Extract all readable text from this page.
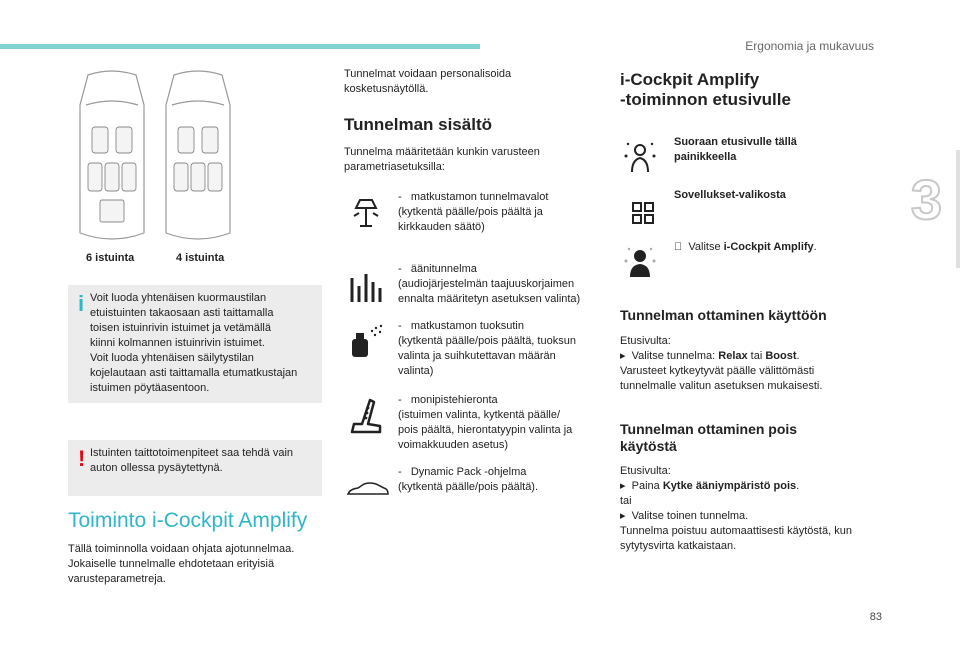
Ergonomia ja mukavuus
3
83
6 istuinta	4 istuinta
i Voit luoda yhtenäisen kuormaustilan
etuistuinten takaosaan asti taittamalla
toisen istuinrivin istuimet ja vetämällä
kiinni kolmannen istuinrivin istuimet.
Voit luoda yhtenäisen säilytystilan
kojelautaan asti taittamalla etumatkustajan
istuimen pöytäasentoon.
! Istuinten taittotoimenpiteet saa tehdä vain
auton ollessa pysäytettynä.
Toiminto i-Cockpit Amplify
Tällä toiminnolla voidaan ohjata ajotunnelmaa.
Jokaiselle tunnelmalle ehdotetaan erityisiä
varusteparametreja.
Tunnelmat voidaan personalisoida
kosketusnäytöllä.
Tunnelman sisältö
Tunnelma määritetään kunkin varusteen
parametriasetuksilla:
-   matkustamon tunnelmavalot
(kytkentä päälle/pois päältä ja
kirkkauden säätö)
-   äänitunnelma
(audiojärjestelmän taajuuskorjaimen
ennalta määritetyn asetuksen valinta)
-   matkustamon tuoksutin
(kytkentä päälle/pois päältä, tuoksun
valinta ja suihkutettavan määrän
valinta)
-   monipistehieronta
(istuimen valinta, kytkentä päälle/
pois päältä, hierontatyypin valinta ja
voimakkuuden asetus)
-   Dynamic Pack -ohjelma
(kytkentä päälle/pois päältä).
i-Cockpit Amplify
-toiminnon etusivulle
Suoraan etusivulle tällä
painikkeella
Sovellukset-valikosta
Valitse i-Cockpit Amplify.
Tunnelman ottaminen käyttöön
Etusivulta:
▸  Valitse tunnelma: Relax tai Boost.
Varusteet kytkeytyvät päälle välittömästi
tunnelmalle valitun asetuksen mukaisesti.
Tunnelman ottaminen pois
käytöstä
Etusivulta:
▸  Paina Kytke ääniympäristö pois.
tai
▸  Valitse toinen tunnelma.
Tunnelma poistuu automaattisesti käytöstä, kun
sytytysvirta katkaistaan.
